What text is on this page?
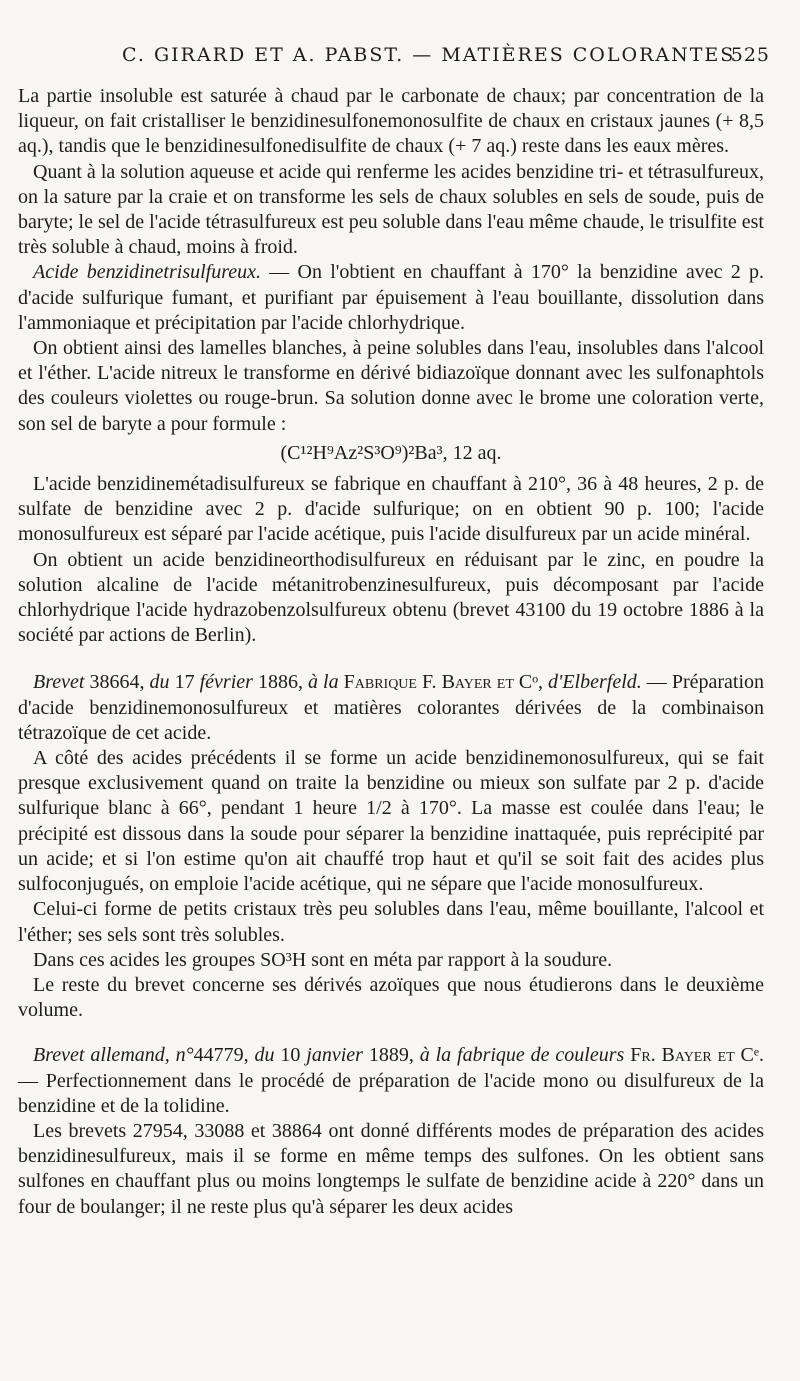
C. GIRARD ET A. PABST. — MATIÈRES COLORANTES
525

La partie insoluble est saturée à chaud par le carbonate de chaux; par concentration de la liqueur, on fait cristalliser le benzidinesulfonemonosulfite de chaux en cristaux jaunes (+ 8,5 aq.), tandis que le benzidinesulfonedisulfite de chaux (+ 7 aq.) reste dans les eaux mères.

Quant à la solution aqueuse et acide qui renferme les acides benzidine tri- et tétrasulfureux, on la sature par la craie et on transforme les sels de chaux solubles en sels de soude, puis de baryte; le sel de l'acide tétrasulfureux est peu soluble dans l'eau même chaude, le trisulfite est très soluble à chaud, moins à froid.

Acide benzidinetrisulfureux. — On l'obtient en chauffant à 170° la benzidine avec 2 p. d'acide sulfurique fumant, et purifiant par épuisement à l'eau bouillante, dissolution dans l'ammoniaque et précipitation par l'acide chlorhydrique.

On obtient ainsi des lamelles blanches, à peine solubles dans l'eau, insolubles dans l'alcool et l'éther. L'acide nitreux le transforme en dérivé bidiazoïque donnant avec les sulfonaphtols des couleurs violettes ou rouge-brun. Sa solution donne avec le brome une coloration verte, son sel de baryte a pour formule :

(C¹²H⁹Az²S³O⁹)²Ba³, 12 aq.

L'acide benzidinemétadisulfureux se fabrique en chauffant à 210°, 36 à 48 heures, 2 p. de sulfate de benzidine avec 2 p. d'acide sulfurique; on en obtient 90 p. 100; l'acide monosulfureux est séparé par l'acide acétique, puis l'acide disulfureux par un acide minéral.

On obtient un acide benzidineorthodisulfureux en réduisant par le zinc, en poudre la solution alcaline de l'acide métanitrobenzinesulfureux, puis décomposant par l'acide chlorhydrique l'acide hydrazobenzolsulfureux obtenu (brevet 43100 du 19 octobre 1886 à la société par actions de Berlin).

Brevet 38664, du 17 février 1886, à la Fabrique F. Bayer et Cᵒ, d'Elberfeld. — Préparation d'acide benzidinemonosulfureux et matières colorantes dérivées de la combinaison tétrazoïque de cet acide.

A côté des acides précédents il se forme un acide benzidinemonosulfureux, qui se fait presque exclusivement quand on traite la benzidine ou mieux son sulfate par 2 p. d'acide sulfurique blanc à 66°, pendant 1 heure 1/2 à 170°. La masse est coulée dans l'eau; le précipité est dissous dans la soude pour séparer la benzidine inattaquée, puis reprécipité par un acide; et si l'on estime qu'on ait chauffé trop haut et qu'il se soit fait des acides plus sulfoconjugués, on emploie l'acide acétique, qui ne sépare que l'acide monosulfureux.

Celui-ci forme de petits cristaux très peu solubles dans l'eau, même bouillante, l'alcool et l'éther; ses sels sont très solubles.

Dans ces acides les groupes SO³H sont en méta par rapport à la soudure.

Le reste du brevet concerne ses dérivés azoïques que nous étudierons dans le deuxième volume.

Brevet allemand, n°44779, du 10 janvier 1889, à la fabrique de couleurs Fr. Bayer et Cᵉ. — Perfectionnement dans le procédé de préparation de l'acide mono ou disulfureux de la benzidine et de la tolidine.

Les brevets 27954, 33088 et 38864 ont donné différents modes de préparation des acides benzidinesulfureux, mais il se forme en même temps des sulfones. On les obtient sans sulfones en chauffant plus ou moins longtemps le sulfate de benzidine acide à 220° dans un four de boulanger; il ne reste plus qu'à séparer les deux acides
